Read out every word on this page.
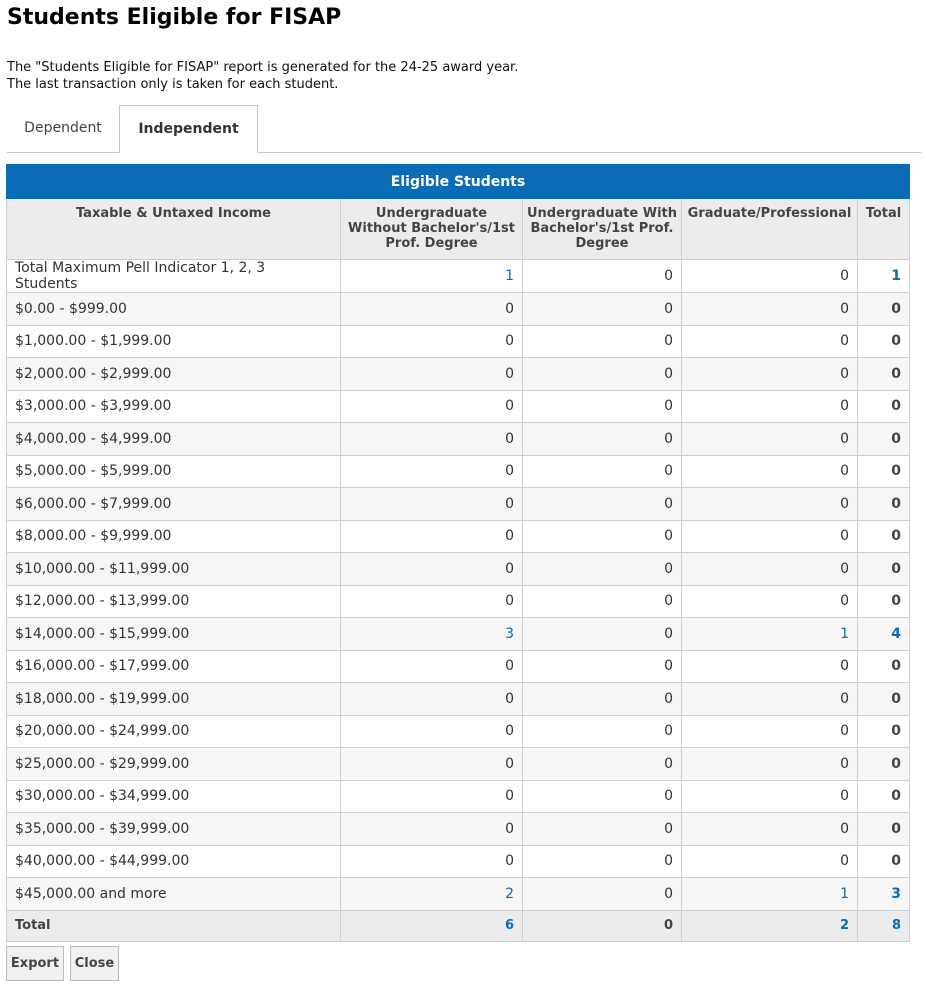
Students Eligible for FISAP
The "Students Eligible for FISAP" report is generated for the 24-25 award year.
The last transaction only is taken for each student.
Dependent	Independent
Eligible Students				
Taxable & Untaxed Income	Undergraduate Without Bachelor's/1st Prof. Degree	Undergraduate With Bachelor's/1st Prof. Degree	Graduate/Professional	Total
Total Maximum Pell Indicator 1, 2, 3 Students	1	0	0	1
$0.00 - $999.00	0	0	0	0
$1,000.00 - $1,999.00	0	0	0	0
$2,000.00 - $2,999.00	0	0	0	0
$3,000.00 - $3,999.00	0	0	0	0
$4,000.00 - $4,999.00	0	0	0	0
$5,000.00 - $5,999.00	0	0	0	0
$6,000.00 - $7,999.00	0	0	0	0
$8,000.00 - $9,999.00	0	0	0	0
$10,000.00 - $11,999.00	0	0	0	0
$12,000.00 - $13,999.00	0	0	0	0
$14,000.00 - $15,999.00	3	0	1	4
$16,000.00 - $17,999.00	0	0	0	0
$18,000.00 - $19,999.00	0	0	0	0
$20,000.00 - $24,999.00	0	0	0	0
$25,000.00 - $29,999.00	0	0	0	0
$30,000.00 - $34,999.00	0	0	0	0
$35,000.00 - $39,999.00	0	0	0	0
$40,000.00 - $44,999.00	0	0	0	0
$45,000.00 and more	2	0	1	3
Total	6	0	2	8
Export	Close
